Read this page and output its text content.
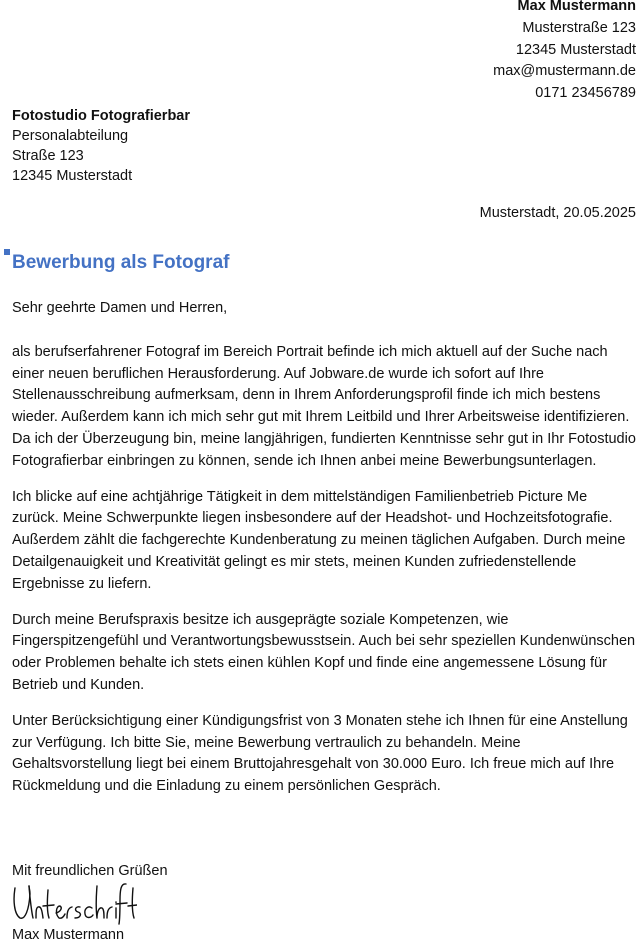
Max Mustermann
Musterstraße 123
12345 Musterstadt
max@mustermann.de
0171 23456789
Fotostudio Fotografierbar
Personalabteilung
Straße 123
12345 Musterstadt
Musterstadt, 20.05.2025
Bewerbung als Fotograf

Sehr geehrte Damen und Herren,

als berufserfahrener Fotograf im Bereich Portrait befinde ich mich aktuell auf der Suche nach einer neuen beruflichen Herausforderung. Auf Jobware.de wurde ich sofort auf Ihre Stellenausschreibung aufmerksam, denn in Ihrem Anforderungsprofil finde ich mich bestens wieder. Außerdem kann ich mich sehr gut mit Ihrem Leitbild und Ihrer Arbeitsweise identifizieren. Da ich der Überzeugung bin, meine langjährigen, fundierten Kenntnisse sehr gut in Ihr Fotostudio Fotografierbar einbringen zu können, sende ich Ihnen anbei meine Bewerbungsunterlagen.

Ich blicke auf eine achtjährige Tätigkeit in dem mittelständigen Familienbetrieb Picture Me zurück. Meine Schwerpunkte liegen insbesondere auf der Headshot- und Hochzeitsfotografie. Außerdem zählt die fachgerechte Kundenberatung zu meinen täglichen Aufgaben. Durch meine Detailgenauigkeit und Kreativität gelingt es mir stets, meinen Kunden zufriedenstellende Ergebnisse zu liefern.

Durch meine Berufspraxis besitze ich ausgeprägte soziale Kompetenzen, wie Fingerspitzengefühl und Verantwortungsbewusstsein. Auch bei sehr speziellen Kundenwünschen oder Problemen behalte ich stets einen kühlen Kopf und finde eine angemessene Lösung für Betrieb und Kunden.

Unter Berücksichtigung einer Kündigungsfrist von 3 Monaten stehe ich Ihnen für eine Anstellung zur Verfügung. Ich bitte Sie, meine Bewerbung vertraulich zu behandeln. Meine Gehaltsvorstellung liegt bei einem Bruttojahresgehalt von 30.000 Euro. Ich freue mich auf Ihre Rückmeldung und die Einladung zu einem persönlichen Gespräch.

Mit freundlichen Grüßen
Unterschrift
Max Mustermann
